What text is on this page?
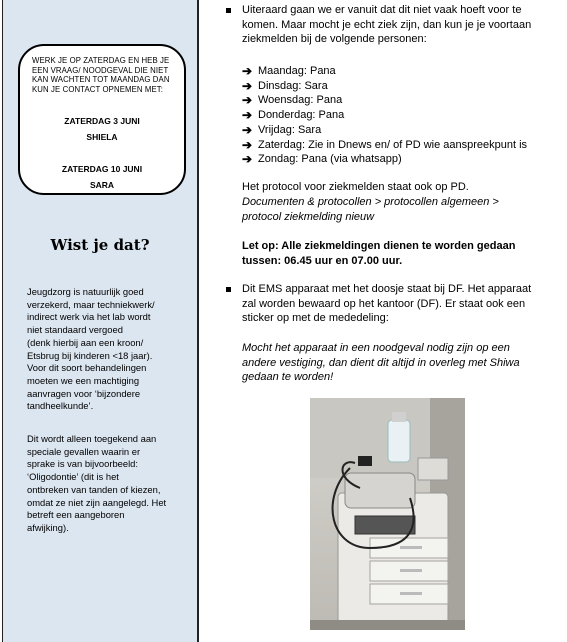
WERK JE OP ZATERDAG EN HEB JE EEN VRAAG/ NOODGEVAL DIE NIET KAN WACHTEN TOT MAANDAG DAN KUN JE CONTACT OPNEMEN MET:
ZATERDAG 3 JUNI
SHIELA
ZATERDAG 10 JUNI
SARA
Wist je dat?
Jeugdzorg is natuurlijk goed
verzekerd, maar techniekwerk/
indirect werk via het lab wordt
niet standaard vergoed
(denk hierbij aan een kroon/
Etsbrug bij kinderen <18 jaar).
Voor dit soort behandelingen
moeten we een machtiging
aanvragen voor ‘bijzondere
tandheelkunde’.
Dit wordt alleen toegekend aan
speciale gevallen waarin er
sprake is van bijvoorbeeld:
‘Oligodontie’ (dit is het
ontbreken van tanden of kiezen,
omdat ze niet zijn aangelegd. Het
betreft een aangeboren
afwijking).
Uiteraard gaan we er vanuit dat dit niet vaak hoeft voor te komen. Maar mocht je echt ziek zijn, dan kun je je voortaan ziekmelden bij de volgende personen:
➔ Maandag: Pana
➔ Dinsdag: Sara
➔ Woensdag: Pana
➔ Donderdag: Pana
➔ Vrijdag: Sara
➔ Zaterdag: Zie in Dnews en/ of PD wie aanspreekpunt is
➔ Zondag: Pana (via whatsapp)
Het protocol voor ziekmelden staat ook op PD.
Documenten & protocollen > protocollen algemeen > protocol ziekmelding nieuw
Let op: Alle ziekmeldingen dienen te worden gedaan tussen: 06.45 uur en 07.00 uur.
Dit EMS apparaat met het doosje staat bij DF. Het apparaat zal worden bewaard op het kantoor (DF). Er staat ook een sticker op met de mededeling:
Mocht het apparaat in een noodgeval nodig zijn op een andere vestiging, dan dient dit altijd in overleg met Shiwa gedaan te worden!
